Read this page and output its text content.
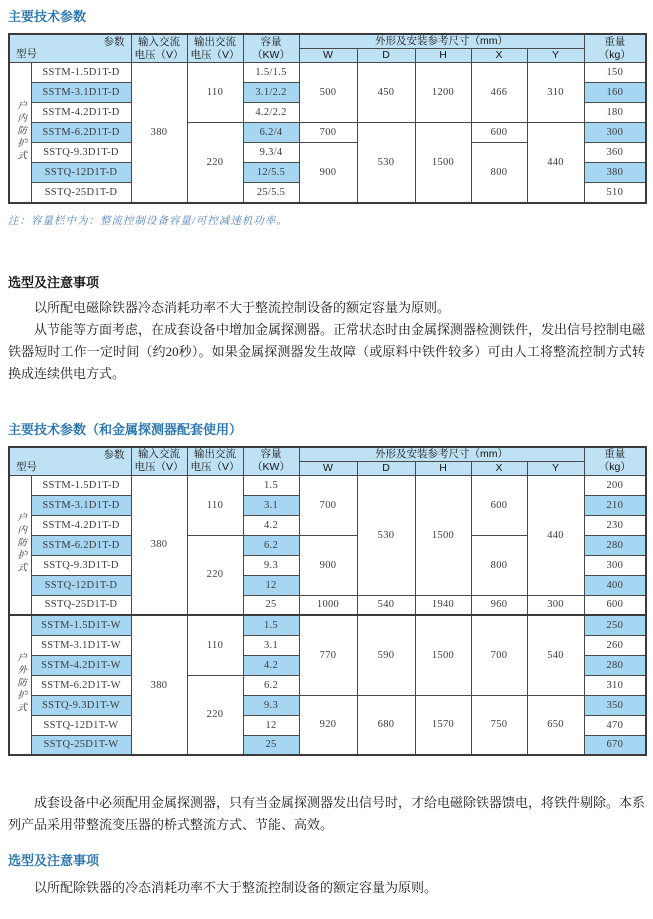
主要技术参数

参数
型号		输入交流
电压（V）	输出交流
电压（V）	容量
（KW）	外形及安装参考尺寸（mm）					重量
（kg）
					W	D	H	X	Y	
户内防护式	SSTM-1.5D1T-D	380	110	1.5/1.5	500	450	1200	466	310	150
	SSTM-3.1D1T-D			3.1/2.2						160
	SSTM-4.2D1T-D			4.2/2.2						180
	SSTM-6.2D1T-D		220	6.2/4	700	530	1500	600	440	300
	SSTQ-9.3D1T-D			9.3/4	900			800		360
	SSTQ-12D1T-D			12/5.5						380
	SSTQ-25D1T-D			25/5.5						510

注：容量栏中为：整流控制设备容量/可控减速机功率。

选型及注意事项

以所配电磁除铁器冷态消耗功率不大于整流控制设备的额定容量为原则。

从节能等方面考虑，在成套设备中增加金属探测器。正常状态时由金属探测器检测铁件，发出信号控制电磁铁器短时工作一定时间（约20秒）。如果金属探测器发生故障（或原料中铁件较多）可由人工将整流控制方式转换成连续供电方式。

主要技术参数（和金属探测器配套使用）

参数
型号		输入交流
电压（V）	输出交流
电压（V）	容量
（KW）	外形及安装参考尺寸（mm）					重量
（kg）
					W	D	H	X	Y	
户内防护式	SSTM-1.5D1T-D	380	110	1.5	700	530	1500	600	440	200
	SSTM-3.1D1T-D			3.1						210
	SSTM-4.2D1T-D			4.2						230
	SSTM-6.2D1T-D		220	6.2	900			800		280
	SSTQ-9.3D1T-D			9.3						300
	SSTQ-12D1T-D			12						400
	SSTQ-25D1T-D			25	1000	540	1940	960	300	600
户外防护式	SSTM-1.5D1T-W	380	110	1.5	770	590	1500	700	540	250
	SSTM-3.1D1T-W			3.1						260
	SSTM-4.2D1T-W			4.2						280
	SSTM-6.2D1T-W		220	6.2						310
	SSTQ-9.3D1T-W			9.3	920	680	1570	750	650	350
	SSTQ-12D1T-W			12						470
	SSTQ-25D1T-W			25						670

成套设备中必须配用金属探测器，只有当金属探测器发出信号时，才给电磁除铁器馈电，将铁件剔除。本系列产品采用带整流变压器的桥式整流方式、节能、高效。

选型及注意事项

以所配除铁器的冷态消耗功率不大于整流控制设备的额定容量为原则。
